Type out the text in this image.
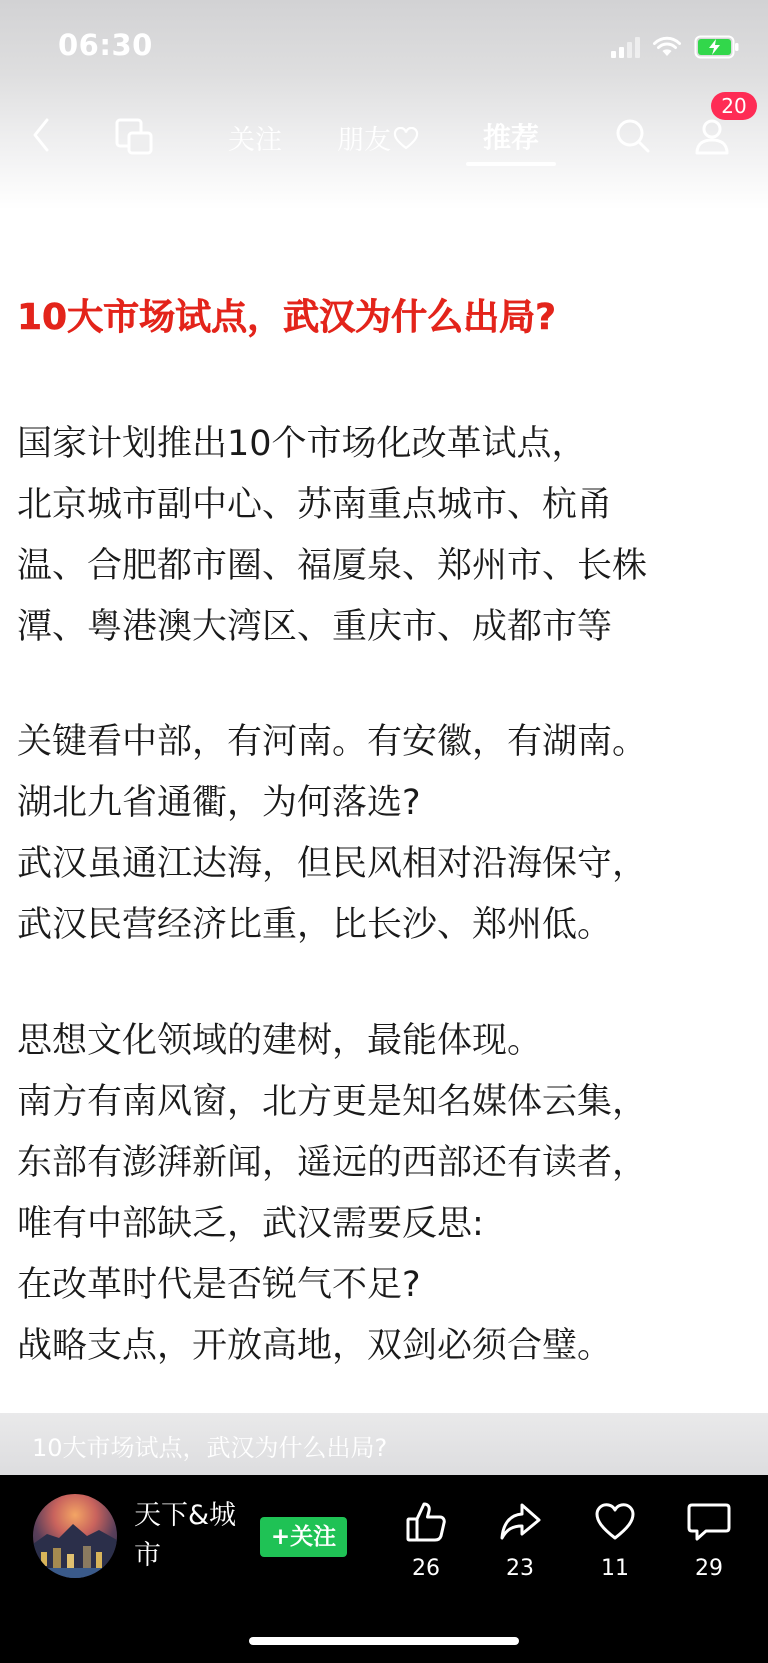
06:30
关注 朋友	推荐
20
10大市场试点，武汉为什么出局?
国家计划推出10个市场化改革试点，
北京城市副中心、苏南重点城市、杭甬
温、合肥都市圈、福厦泉、郑州市、长株
潭、粤港澳大湾区、重庆市、成都市等
关键看中部，有河南。有安徽，有湖南。
湖北九省通衢，为何落选?
武汉虽通江达海，但民风相对沿海保守，
武汉民营经济比重，比长沙、郑州低。
思想文化领域的建树，最能体现。
南方有南风窗，北方更是知名媒体云集，
东部有澎湃新闻，遥远的西部还有读者，
唯有中部缺乏，武汉需要反思:
在改革时代是否锐气不足?
战略支点，开放高地，双剑必须合璧。
10大市场试点，武汉为什么出局?
天下&城市
+关注
26	23	11	29
